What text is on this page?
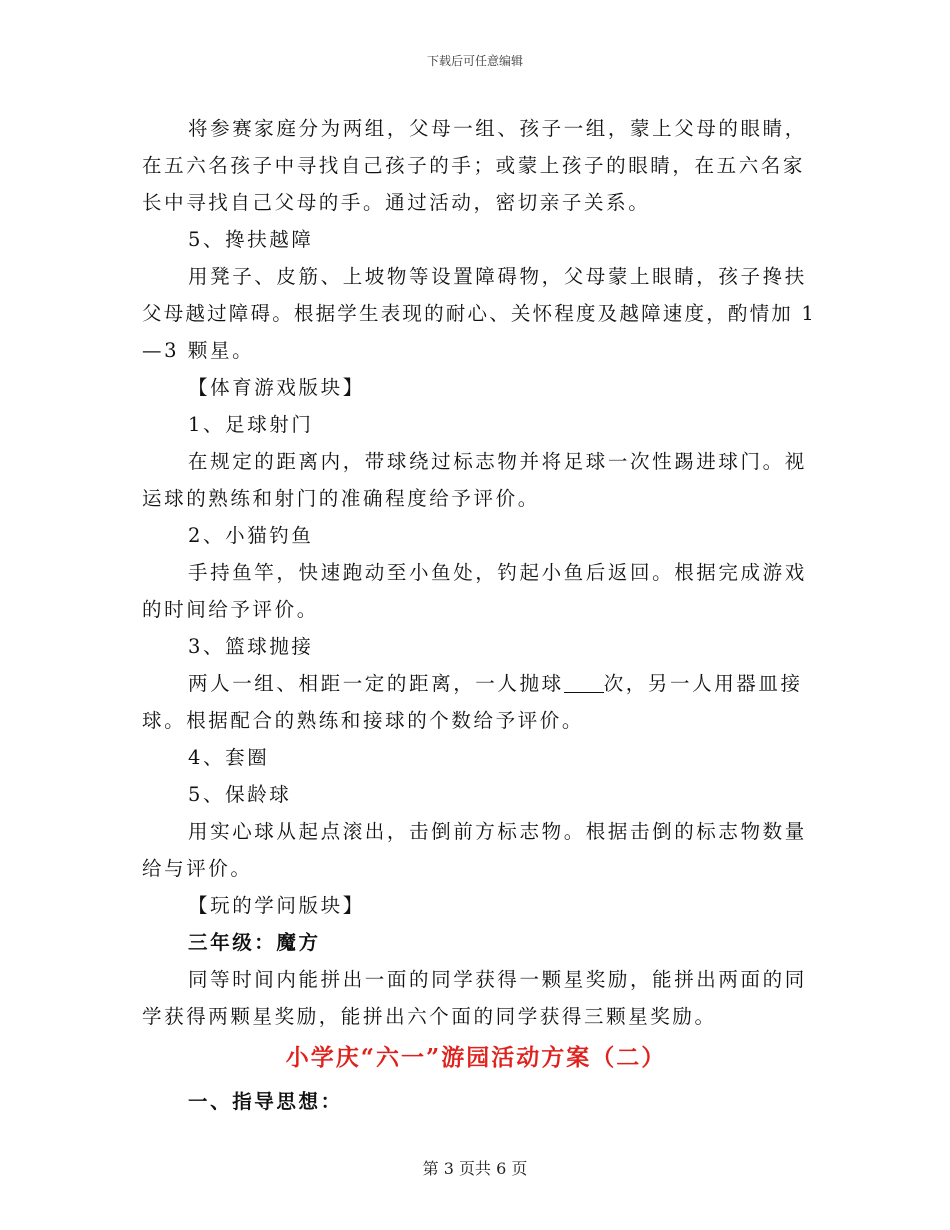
下载后可任意编辑
将参赛家庭分为两组，父母一组、孩子一组，蒙上父母的眼睛，
在五六名孩子中寻找自己孩子的手；或蒙上孩子的眼睛，在五六名家
长中寻找自己父母的手。通过活动，密切亲子关系。
5、搀扶越障
用凳子、皮筋、上坡物等设置障碍物，父母蒙上眼睛，孩子搀扶
父母越过障碍。根据学生表现的耐心、关怀程度及越障速度，酌情加 1
—3 颗星。
【体育游戏版块】
1、足球射门
在规定的距离内，带球绕过标志物并将足球一次性踢进球门。视
运球的熟练和射门的准确程度给予评价。
2、小猫钓鱼
手持鱼竿，快速跑动至小鱼处，钓起小鱼后返回。根据完成游戏
的时间给予评价。
3、篮球抛接
两人一组、相距一定的距离，一人抛球 次，另一人用器皿接
球。根据配合的熟练和接球的个数给予评价。
4、套圈
5、保龄球
用实心球从起点滚出，击倒前方标志物。根据击倒的标志物数量
给与评价。
【玩的学问版块】
三年级：魔方
同等时间内能拼出一面的同学获得一颗星奖励，能拼出两面的同
学获得两颗星奖励，能拼出六个面的同学获得三颗星奖励。
小学庆“六一”游园活动方案（二）
一、指导思想：
第 3 页共 6 页
